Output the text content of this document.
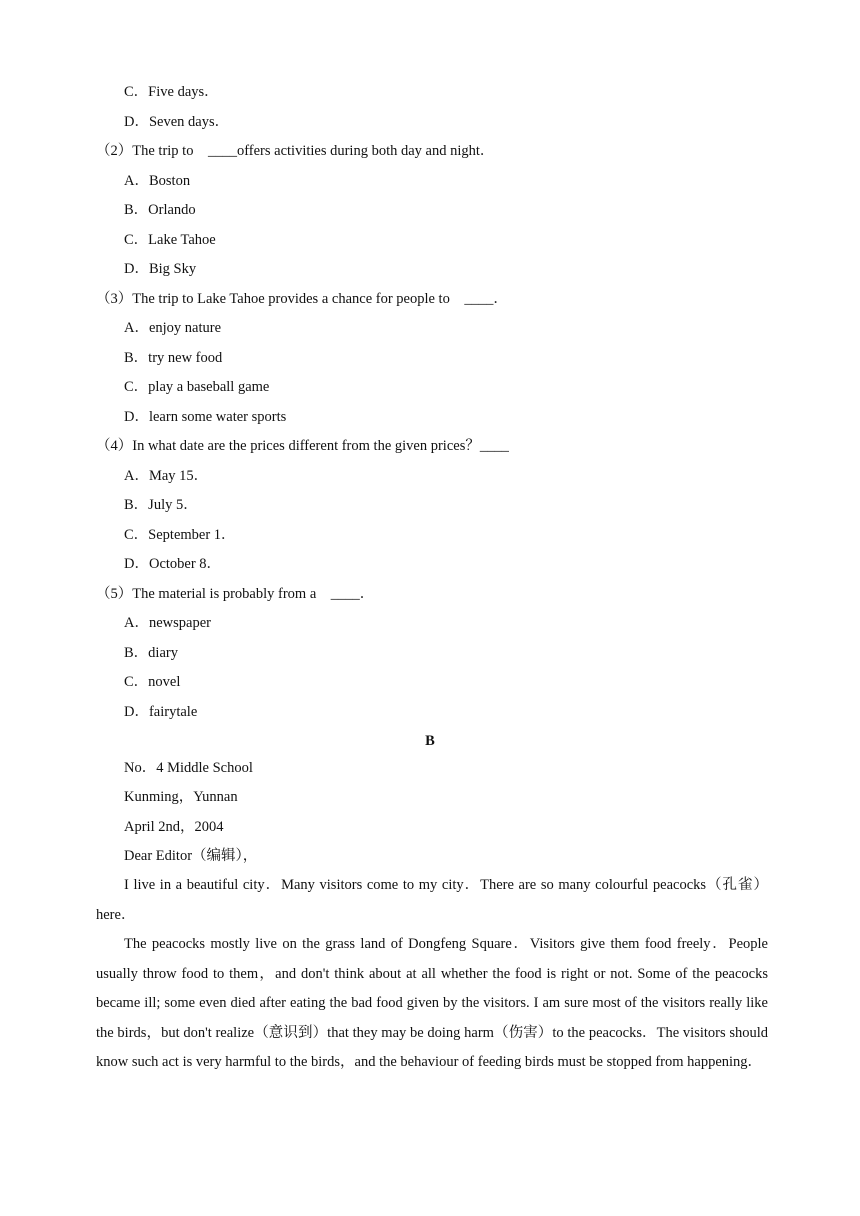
C．Five days．
D．Seven days．
（2）The trip to　____offers activities during both day and night．
A．Boston
B．Orlando
C．Lake Tahoe
D．Big Sky
（3）The trip to Lake Tahoe provides a chance for people to　____．
A．enjoy nature
B．try new food
C．play a baseball game
D．learn some water sports
（4）In what date are the prices different from the given prices？____
A．May 15．
B．July 5．
C．September 1．
D．October 8．
（5）The material is probably from a　____．
A．newspaper
B．diary
C．novel
D．fairytale
B
No．4 Middle School
Kunming，Yunnan
April 2nd，2004
Dear Editor（编辑），
I live in a beautiful city．Many visitors come to my city．There are so many colourful peacocks（孔雀）here．
The peacocks mostly live on the grass land of Dongfeng Square．Visitors give them food freely．People usually throw food to them，and don't think about at all whether the food is right or not. Some of the peacocks became ill; some even died after eating the bad food given by the visitors. I am sure most of the visitors really like the birds，but don't realize（意识到）that they may be doing harm（伤害）to the peacocks．The visitors should know such act is very harmful to the birds，and the behaviour of feeding birds must be stopped from happening．
